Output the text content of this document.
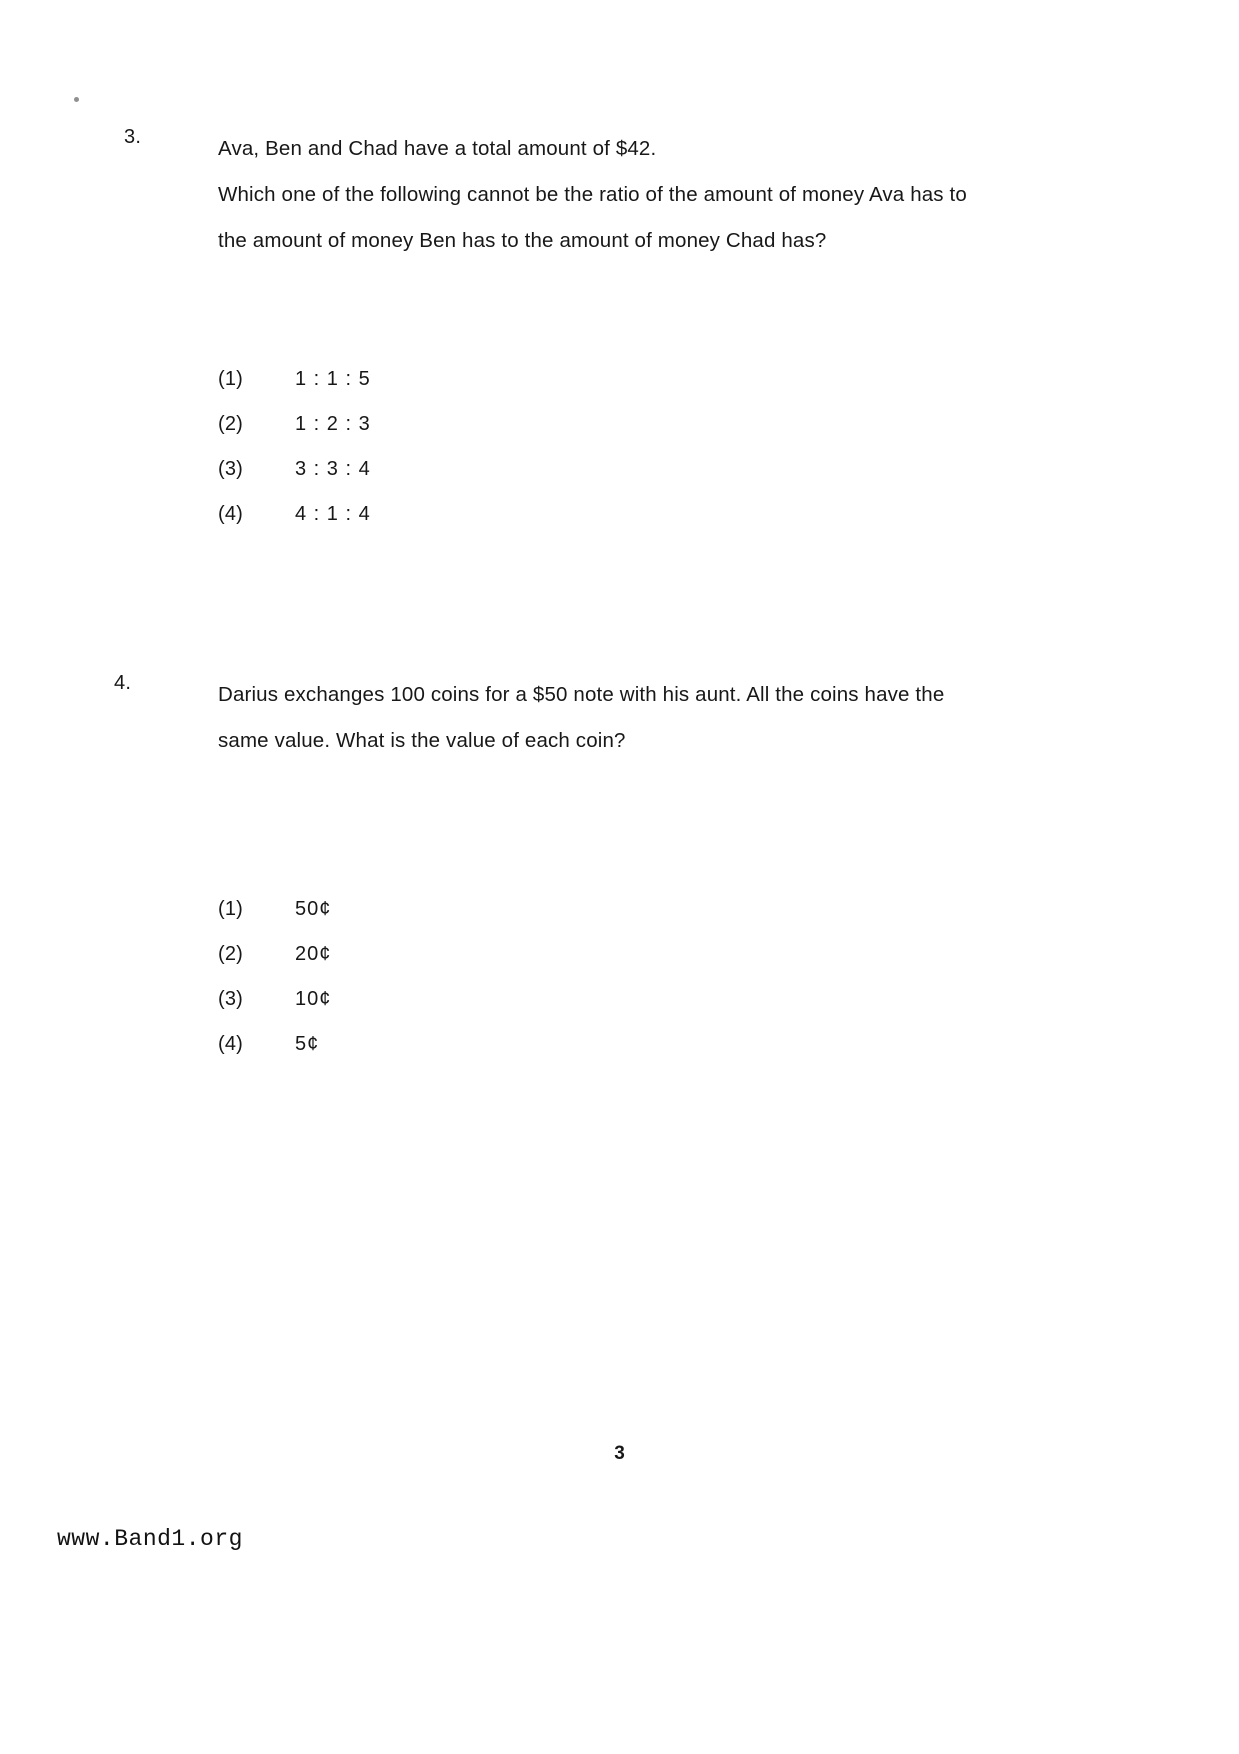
3.	Ava, Ben and Chad have a total amount of $42.
Which one of the following cannot be the ratio of the amount of money Ava has to
the amount of money Ben has to the amount of money Chad has?
(1)	1 : 1 : 5
(2)	1 : 2 : 3
(3)	3 : 3 : 4
(4)	4 : 1 : 4
4.	Darius exchanges 100 coins for a $50 note with his aunt. All the coins have the
same value. What is the value of each coin?
(1)	50¢
(2)	20¢
(3)	10¢
(4)	5¢
3
www.Band1.org
